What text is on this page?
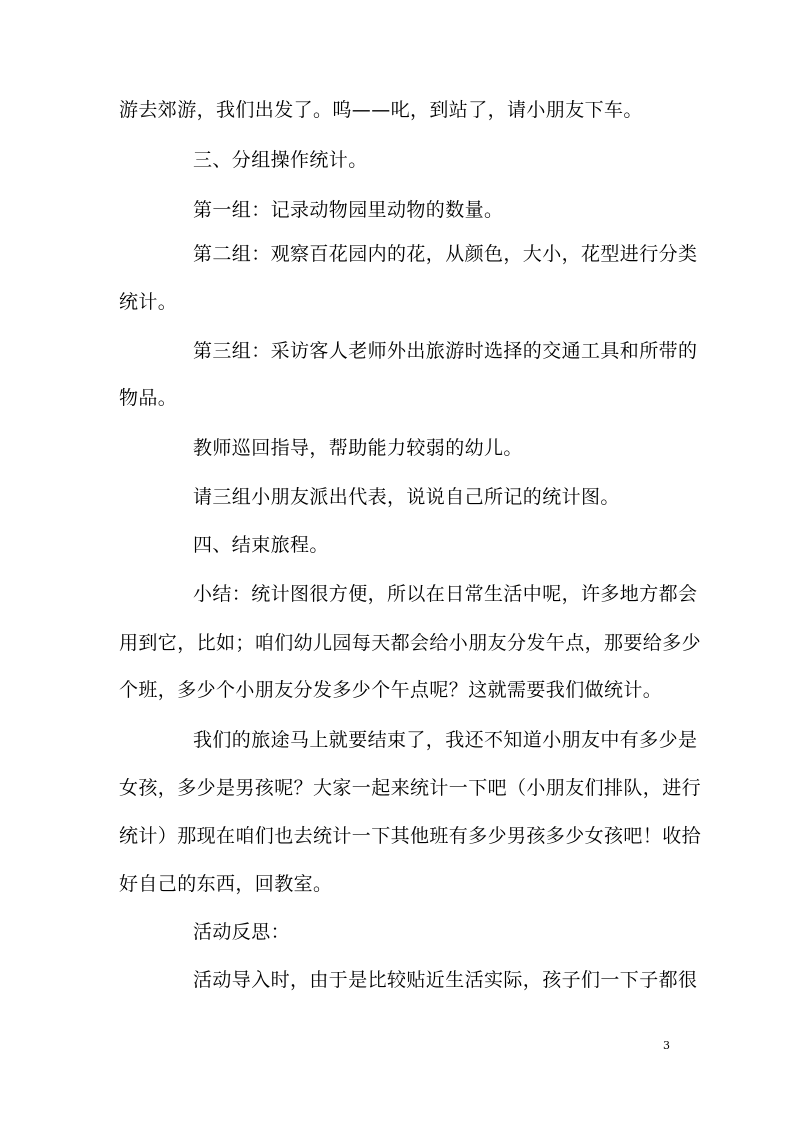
游去郊游，我们出发了。呜——叱，到站了，请小朋友下车。
三、分组操作统计。
第一组：记录动物园里动物的数量。
第二组：观察百花园内的花，从颜色，大小，花型进行分类
统计。
第三组：采访客人老师外出旅游时选择的交通工具和所带的
物品。
教师巡回指导，帮助能力较弱的幼儿。
请三组小朋友派出代表，说说自己所记的统计图。
四、结束旅程。
小结：统计图很方便，所以在日常生活中呢，许多地方都会
用到它，比如；咱们幼儿园每天都会给小朋友分发午点，那要给多少
个班，多少个小朋友分发多少个午点呢？这就需要我们做统计。
我们的旅途马上就要结束了，我还不知道小朋友中有多少是
女孩，多少是男孩呢？大家一起来统计一下吧（小朋友们排队，进行
统计）那现在咱们也去统计一下其他班有多少男孩多少女孩吧！收拾
好自己的东西，回教室。
活动反思：
活动导入时，由于是比较贴近生活实际，孩子们一下子都很
3
